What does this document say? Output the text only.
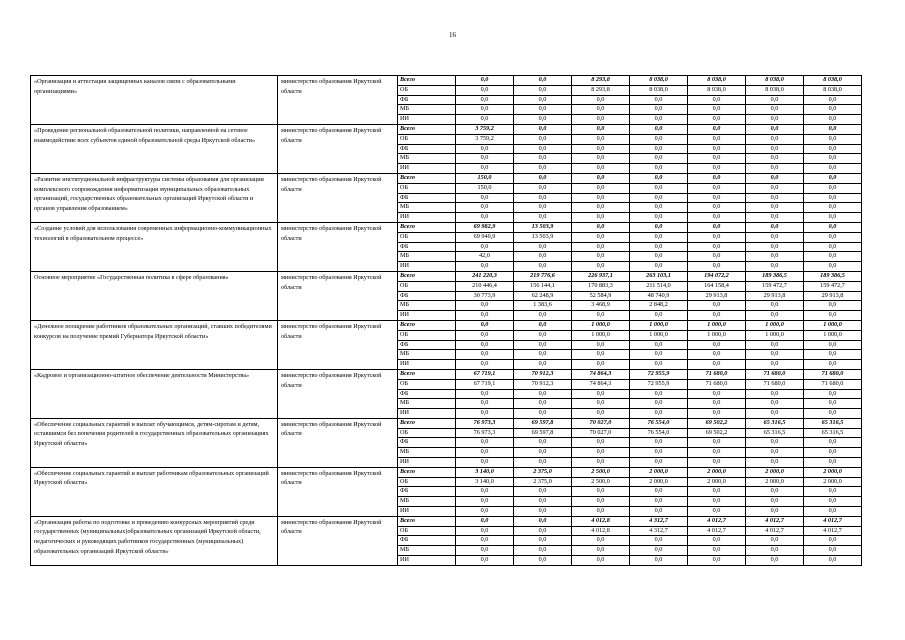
16
«Организация и аттестация защищенных каналов связи с образовательными организациями»	министерство образования Иркутской области	Всего	0,0	0,0	8 293,8	8 038,0	8 038,0	8 038,0	8 038,0
		ОБ	0,0	0,0	8 293,8	8 038,0	8 038,0	8 038,0	8 038,0
		ФБ	0,0	0,0	0,0	0,0	0,0	0,0	0,0
		МБ	0,0	0,0	0,0	0,0	0,0	0,0	0,0
		ИИ	0,0	0,0	0,0	0,0	0,0	0,0	0,0
«Проведение региональной образовательной политики, направленной на сетевое взаимодействие всех субъектов единой образовательной среды Иркутской области»	министерство образования Иркутской области	Всего	3 759,2	0,0	0,0	0,0	0,0	0,0	0,0
		ОБ	3 759,2	0,0	0,0	0,0	0,0	0,0	0,0
		ФБ	0,0	0,0	0,0	0,0	0,0	0,0	0,0
		МБ	0,0	0,0	0,0	0,0	0,0	0,0	0,0
		ИИ	0,0	0,0	0,0	0,0	0,0	0,0	0,0
«Развитие институциональной инфраструктуры системы образования для организации комплексного сопровождения информатизации муниципальных образовательных организаций, государственных образовательных организаций Иркутской области и органов управления образованием»	министерство образования Иркутской области	Всего	150,0	0,0	0,0	0,0	0,0	0,0	0,0
		ОБ	150,0	0,0	0,0	0,0	0,0	0,0	0,0
		ФБ	0,0	0,0	0,0	0,0	0,0	0,0	0,0
		МБ	0,0	0,0	0,0	0,0	0,0	0,0	0,0
		ИИ	0,0	0,0	0,0	0,0	0,0	0,0	0,0
«Создание условий для использования современных информационно-коммуникационных технологий в образовательном процессе»	министерство образования Иркутской области	Всего	69 982,9	13 503,9	0,0	0,0	0,0	0,0	0,0
		ОБ	69 940,9	13 503,9	0,0	0,0	0,0	0,0	0,0
		ФБ	0,0	0,0	0,0	0,0	0,0	0,0	0,0
		МБ	42,0	0,0	0,0	0,0	0,0	0,0	0,0
		ИИ	0,0	0,0	0,0	0,0	0,0	0,0	0,0
Основное мероприятие «Государственная политика в сфере образования»	министерство образования Иркутской области	Всего	241 220,3	219 776,6	226 937,1	263 103,1	194 072,2	189 386,5	189 386,5
		ОБ	210 446,4	156 144,1	170 883,3	211 514,0	164 158,4	159 472,7	159 472,7
		ФБ	30 773,9	62 248,9	52 584,9	48 740,9	29 913,8	29 913,8	29 913,8
		МБ	0,0	1 383,6	3 468,9	2 848,2	0,0	0,0	0,0
		ИИ	0,0	0,0	0,0	0,0	0,0	0,0	0,0
«Денежное поощрение работников образовательных организаций, ставших победителями конкурсов на получение премий Губернатора Иркутской области»	министерство образования Иркутской области	Всего	0,0	0,0	1 000,0	1 000,0	1 000,0	1 000,0	1 000,0
		ОБ	0,0	0,0	1 000,0	1 000,0	1 000,0	1 000,0	1 000,0
		ФБ	0,0	0,0	0,0	0,0	0,0	0,0	0,0
		МБ	0,0	0,0	0,0	0,0	0,0	0,0	0,0
		ИИ	0,0	0,0	0,0	0,0	0,0	0,0	0,0
«Кадровое и организационно-штатное обеспечение деятельности Министерства»	министерство образования Иркутской области	Всего	67 719,1	70 912,3	74 864,3	72 955,9	71 680,0	71 680,0	71 680,0
		ОБ	67 719,1	70 912,3	74 864,3	72 955,9	71 680,0	71 680,0	71 680,0
		ФБ	0,0	0,0	0,0	0,0	0,0	0,0	0,0
		МБ	0,0	0,0	0,0	0,0	0,0	0,0	0,0
		ИИ	0,0	0,0	0,0	0,0	0,0	0,0	0,0
«Обеспечение социальных гарантий и выплат обучающимся, детям-сиротам и детям, оставшимся без попечения родителей в государственных образовательных организациях Иркутской области»	министерство образования Иркутской области	Всего	76 973,3	69 597,8	70 027,0	76 554,0	69 502,2	65 316,5	65 316,5
		ОБ	76 973,3	69 597,8	70 027,0	76 554,0	69 502,2	65 316,5	65 316,5
		ФБ	0,0	0,0	0,0	0,0	0,0	0,0	0,0
		МБ	0,0	0,0	0,0	0,0	0,0	0,0	0,0
		ИИ	0,0	0,0	0,0	0,0	0,0	0,0	0,0
«Обеспечение социальных гарантий и выплат работникам образовательных организаций Иркутской области»	министерство образования Иркутской области	Всего	3 140,0	2 375,0	2 500,0	2 000,0	2 000,0	2 000,0	2 000,0
		ОБ	3 140,0	2 375,0	2 500,0	2 000,0	2 000,0	2 000,0	2 000,0
		ФБ	0,0	0,0	0,0	0,0	0,0	0,0	0,0
		МБ	0,0	0,0	0,0	0,0	0,0	0,0	0,0
		ИИ	0,0	0,0	0,0	0,0	0,0	0,0	0,0
«Организация работы по подготовке и проведению конкурсных мероприятий среди государственных (муниципальных)образовательных организаций Иркутской области, педагогических и руководящих работников государственных (муниципальных) образовательных организаций Иркутской области»	министерство образования Иркутской области	Всего	0,0	0,0	4 012,8	4 312,7	4 012,7	4 012,7	4 012,7
		ОБ	0,0	0,0	4 012,8	4 312,7	4 012,7	4 012,7	4 012,7
		ФБ	0,0	0,0	0,0	0,0	0,0	0,0	0,0
		МБ	0,0	0,0	0,0	0,0	0,0	0,0	0,0
		ИИ	0,0	0,0	0,0	0,0	0,0	0,0	0,0
